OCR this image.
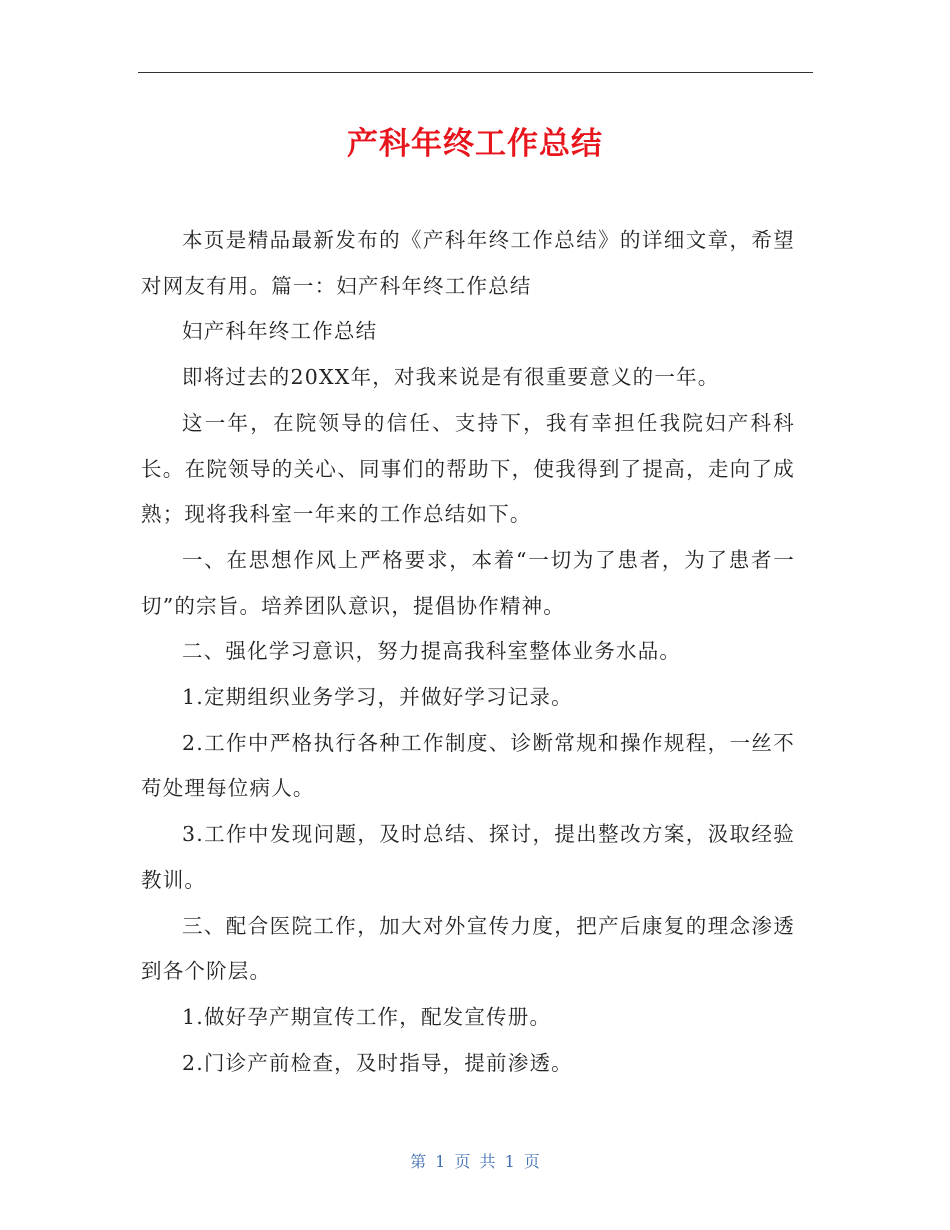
产科年终工作总结

本页是精品最新发布的《产科年终工作总结》的详细文章，希望对网友有用。篇一：妇产科年终工作总结

妇产科年终工作总结

即将过去的20XX年，对我来说是有很重要意义的一年。

这一年，在院领导的信任、支持下，我有幸担任我院妇产科科长。在院领导的关心、同事们的帮助下，使我得到了提高，走向了成熟；现将我科室一年来的工作总结如下。

一、在思想作风上严格要求，本着“一切为了患者，为了患者一切”的宗旨。培养团队意识，提倡协作精神。

二、强化学习意识，努力提高我科室整体业务水品。

1.定期组织业务学习，并做好学习记录。

2.工作中严格执行各种工作制度、诊断常规和操作规程，一丝不苟处理每位病人。

3.工作中发现问题，及时总结、探讨，提出整改方案，汲取经验教训。

三、配合医院工作，加大对外宣传力度，把产后康复的理念渗透到各个阶层。

1.做好孕产期宣传工作，配发宣传册。

2.门诊产前检查，及时指导，提前渗透。

第 1 页 共 1 页
